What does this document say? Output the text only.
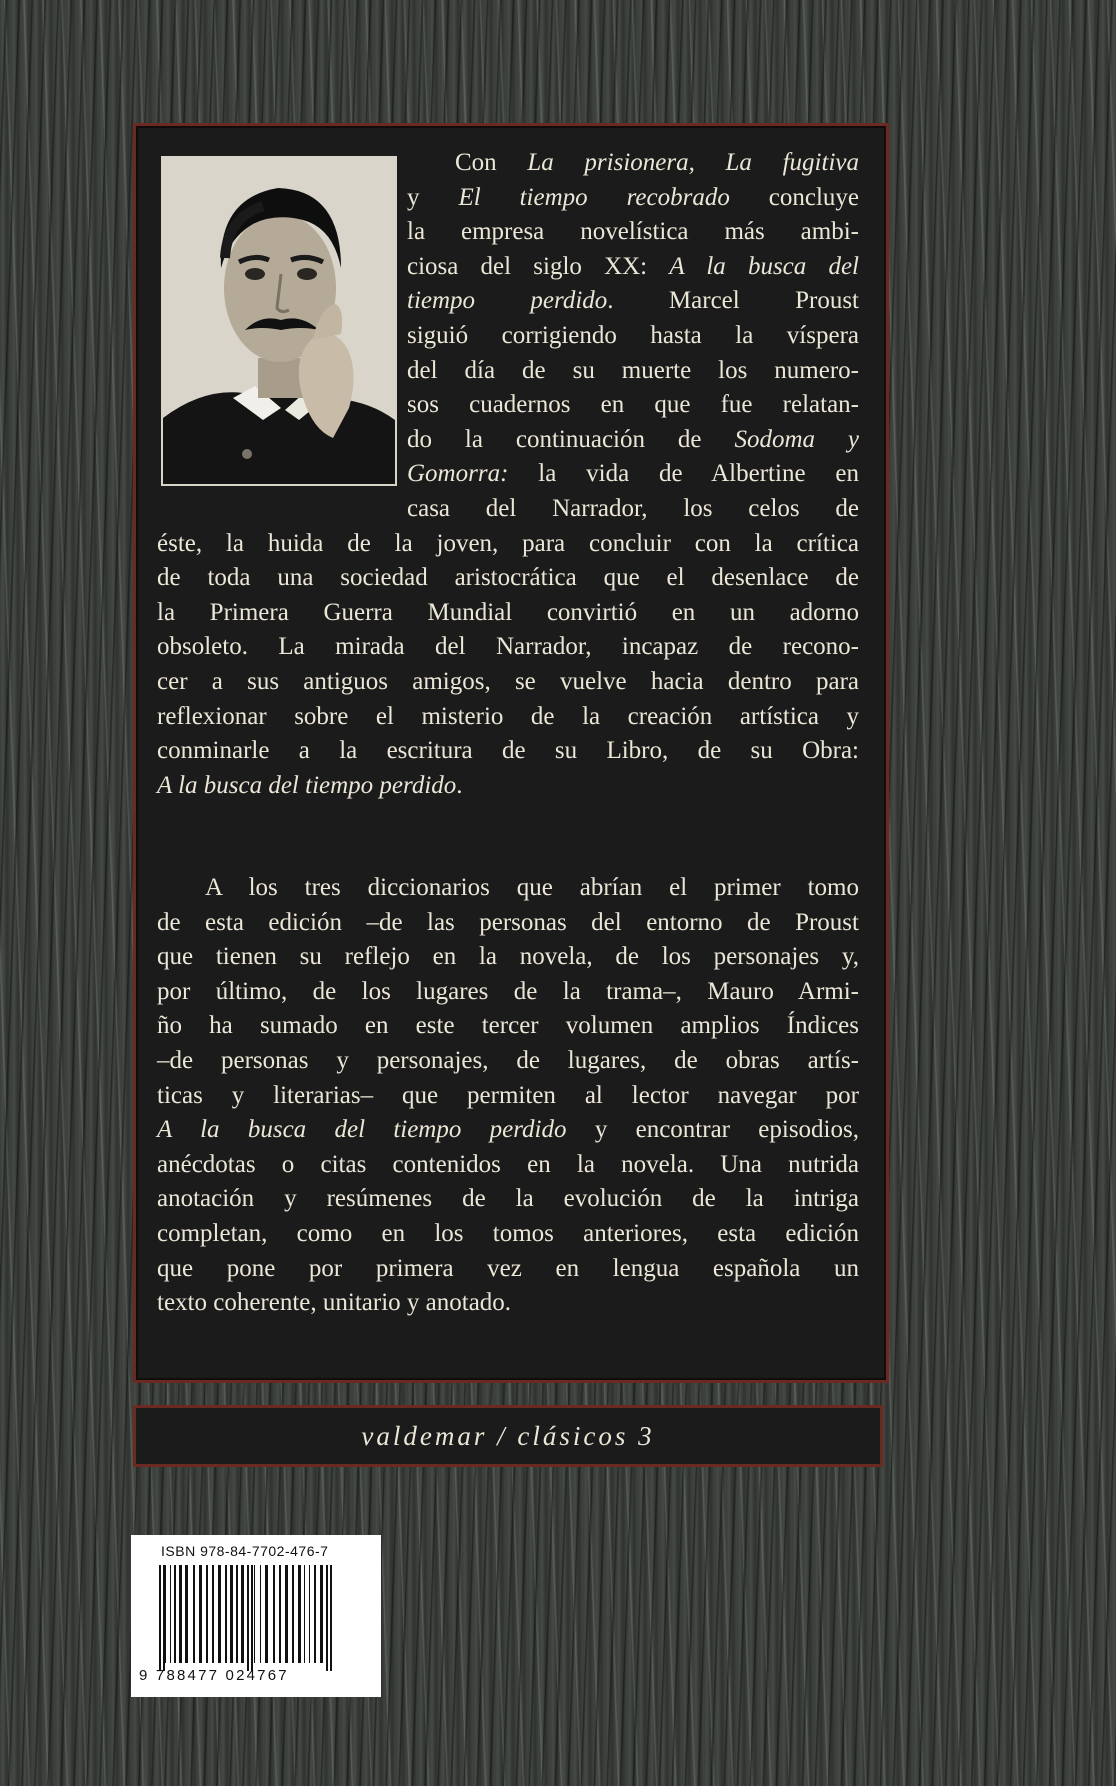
Con La prisionera, La fugitiva
y El tiempo recobrado concluye
la empresa novelística más ambi-
ciosa del siglo XX: A la busca del
tiempo perdido. Marcel Proust
siguió corrigiendo hasta la víspera
del día de su muerte los numero-
sos cuadernos en que fue relatan-
do la continuación de Sodoma y
Gomorra: la vida de Albertine en
casa del Narrador, los celos de
éste, la huida de la joven, para concluir con la crítica
de toda una sociedad aristocrática que el desenlace de
la Primera Guerra Mundial convirtió en un adorno
obsoleto. La mirada del Narrador, incapaz de recono-
cer a sus antiguos amigos, se vuelve hacia dentro para
reflexionar sobre el misterio de la creación artística y
conminarle a la escritura de su Libro, de su Obra:
A la busca del tiempo perdido.
A los tres diccionarios que abrían el primer tomo
de esta edición –de las personas del entorno de Proust
que tienen su reflejo en la novela, de los personajes y,
por último, de los lugares de la trama–, Mauro Armi-
ño ha sumado en este tercer volumen amplios Índices
–de personas y personajes, de lugares, de obras artís-
ticas y literarias– que permiten al lector navegar por
A la busca del tiempo perdido y encontrar episodios,
anécdotas o citas contenidos en la novela. Una nutrida
anotación y resúmenes de la evolución de la intriga
completan, como en los tomos anteriores, esta edición
que pone por primera vez en lengua española un
texto coherente, unitario y anotado.
valdemar / clásicos 3
ISBN 978-84-7702-476-7
9 788477 024767
